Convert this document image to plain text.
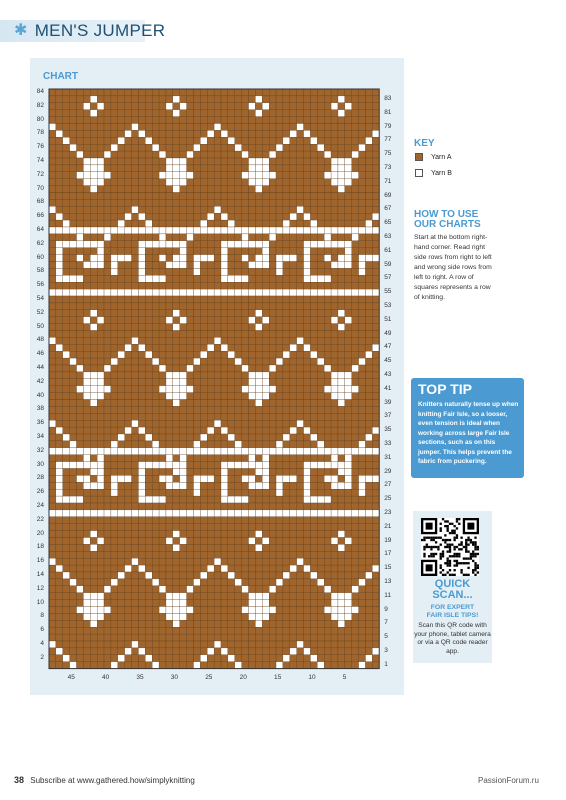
✱ MEN'S JUMPER
CHART
84
82
80
78
76
74
72
70
68
66
64
62
60
58
56
54
52
50
48
46
44
42
40
38
36
34
32
30
28
26
24
22
20
18
16
14
12
10
8
6
4
2
83
81
79
77
75
73
71
69
67
65
63
61
59
57
55
53
51
49
47
45
43
41
39
37
35
33
31
29
27
25
23
21
19
17
15
13
11
9
7
5
3
1
45	40	35	30	25	20	15	10	5
KEY
Yarn A
Yarn B
HOW TO USE
OUR CHARTS
Start at the bottom right-hand corner. Read right side rows from right to left and wrong side rows from left to right. A row of squares represents a row of knitting.
TOP TIP
Knitters naturally tense up when knitting Fair Isle, so a looser, even tension is ideal when working across large Fair Isle sections, such as on this jumper. This helps prevent the fabric from puckering.
QUICK
SCAN...
FOR EXPERT
FAIR ISLE TIPS!
Scan this QR code with your phone, tablet camera or via a QR code reader app.
38 Subscribe at www.gathered.how/simplyknitting	PassionForum.ru
